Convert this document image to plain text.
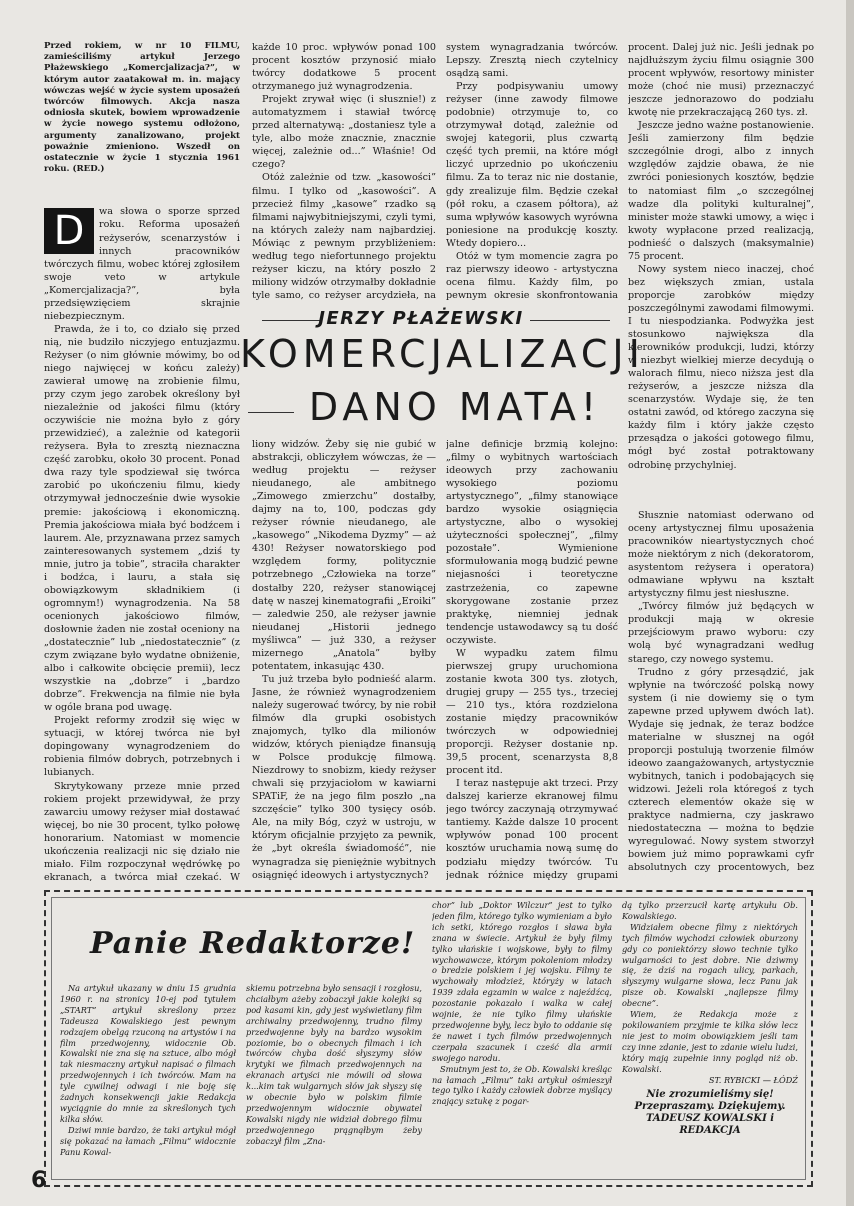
Przed rokiem, w nr 10 FILMU, zamieściliśmy artykuł Jerzego Płażewskiego „Komercjalizacja?”, w którym autor zaatakował m. in. mający wówczas wejść w życie system uposażeń twórców filmowych. Akcja nasza odniosła skutek, bowiem wprowadzenie w życie nowego systemu odłożono, argumenty zanalizowano, projekt poważnie zmieniono. Wszedł on ostatecznie w życie 1 stycznia 1961 roku. (RED.)

D	wa słowa o sporze sprzed roku. Reforma uposażeń reżyserów, scenarzystów i innych pracowników twórczych filmu, wobec której zgłosiłem swoje veto w artykule „Komercjalizacja?”, była przedsięwzięciem skrajnie niebezpiecznym.

Prawda, że i to, co działo się przed nią, nie budziło niczyjego entuzjazmu. Reżyser (o nim głównie mówimy, bo od niego najwięcej w końcu zależy) zawierał umowę na zrobienie filmu, przy czym jego zarobek określony był niezależnie od jakości filmu (który oczywiście nie można było z góry przewidzieć), a zależnie od kategorii reżysera. Była to zresztą nieznaczna część zarobku, około 30 procent. Ponad dwa razy tyle spodziewał się twórca zarobić po ukończeniu filmu, kiedy otrzymywał jednocześnie dwie wysokie premie: jakościową i ekonomiczną. Premia jakościowa miała być bodźcem i laurem. Ale, przyznawana przez samych zainteresowanych systemem „dziś ty mnie, jutro ja tobie”, straciła charakter i bodźca, i lauru, a stała się obowiązkowym składnikiem (i ogromnym!) wynagrodzenia. Na 58 ocenionych jakościowo filmów, dosłownie żaden nie został oceniony na „dostatecznie” lub „niedostatecznie” (z czym związane było wydatne obniżenie, albo i całkowite obcięcie premii), lecz wszystkie na „dobrze” i „bardzo dobrze”. Frekwencja na filmie nie była w ogóle brana pod uwagę.

Projekt reformy zrodził się więc w sytuacji, w której twórca nie był dopingowany wynagrodzeniem do robienia filmów dobrych, potrzebnych i lubianych.

Skrytykowany przeze mnie przed rokiem projekt przewidywał, że przy zawarciu umowy reżyser miał dostawać więcej, bo nie 30 procent, tylko połowę honorarium. Natomiast w momencie ukończenia realizacji nic się działo nie miało. Film rozpoczynał wędrówkę po ekranach, a twórca miał czekać. W

każde 10 proc. wpływów ponad 100 procent kosztów przynosić miało twórcy dodatkowe 5 procent otrzymanego już wynagrodzenia.

Projekt zrywał więc (i słusznie!) z automatyzmem i stawiał twórcę przed alternatywą: „dostaniesz tyle a tyle, albo może znacznie, znacznie więcej, zależnie od...” Właśnie! Od czego?

Otóż zależnie od tzw. „kasowości” filmu. I tylko od „kasowości”. A przecież filmy „kasowe” rzadko są filmami najwybitniejszymi, czyli tymi, na których zależy nam najbardziej. Mówiąc z pewnym przybliżeniem: według tego niefortunnego projektu reżyser kiczu, na który poszło 2 miliony widzów otrzymałby dokładnie tyle samo, co reżyser arcydzieła, na

system wynagradzania twórców. Lepszy. Zresztą niech czytelnicy osądzą sami.

Przy podpisywaniu umowy reżyser (inne zawody filmowe podobnie) otrzymuje to, co otrzymywał dotąd, zależnie od swojej kategorii, plus czwartą część tych premii, na które mógł liczyć uprzednio po ukończeniu filmu. Za to teraz nic nie dostanie, gdy zrealizuje film. Będzie czekał (pół roku, a czasem półtora), aż suma wpływów kasowych wyrówna poniesione na produkcję koszty. Wtedy dopiero...

Otóż w tym momencie zagra po raz pierwszy ideowo - artystyczna ocena filmu. Każdy film, po pewnym okresie skonfrontowania

procent. Dalej już nic. Jeśli jednak po najdłuższym życiu filmu osiągnie 300 procent wpływów, resortowy minister może (choć nie musi) przeznaczyć jeszcze jednorazowo do podziału kwotę nie przekraczającą 260 tys. zł.

Jeszcze jedno ważne postanowienie. Jeśli zamierzony film będzie szczególnie drogi, albo z innych względów zajdzie obawa, że nie zwróci poniesionych kosztów, będzie to natomiast film „o szczególnej wadze dla polityki kulturalnej”, minister może stawki umowy, a więc i kwoty wypłacone przed realizacją, podnieść o dalszych (maksymalnie) 75 procent.

Nowy system nieco inaczej, choć bez większych zmian, ustala proporcje zarobków między poszczególnymi zawodami filmowymi. I tu niespodzianka. Podwyżka jest stosunkowo największa dla kierowników produkcji, ludzi, którzy w niezbyt wielkiej mierze decydują o walorach filmu, nieco niższa jest dla reżyserów, a jeszcze niższa dla scenarzystów. Wydaje się, że ten ostatni zawód, od którego zaczyna się każdy film i który jakże często przesądza o jakości gotowego filmu, mógł być został potraktowany odrobinę przychylniej.

JERZY PŁAŻEWSKI
KOMERCJALIZACJI
DANO MATA!

liony widzów. Żeby się nie gubić w abstrakcji, obliczyłem wówczas, że — według projektu — reżyser nieudanego, ale ambitnego „Zimowego zmierzchu” dostałby, dajmy na to, 100, podczas gdy reżyser równie nieudanego, ale „kasowego” „Nikodema Dyzmy” — aż 430! Reżyser nowatorskiego pod względem formy, politycznie potrzebnego „Człowieka na torze” dostałby 220, reżyser stanowiącej datę w naszej kinematografii „Eroiki” — zaledwie 250, ale reżyser jawnie nieudanej „Historii jednego myśliwca” — już 330, a reżyser mizernego „Anatola” byłby potentatem, inkasując 430.

Tu już trzeba było podnieść alarm. Jasne, że również wynagrodzeniem należy sugerować twórcy, by nie robił filmów dla grupki osobistych znajomych, tylko dla milionów widzów, których pieniądze finansują w Polsce produkcję filmową. Niezdrowy to snobizm, kiedy reżyser chwali się przyjaciołom w kawiarni SPATiF, że na jego film poszło „na szczęście” tylko 300 tysięcy osób. Ale, na miły Bóg, czyż w ustroju, w którym oficjalnie przyjęto za pewnik, że „byt określa świadomość”, nie wynagradza się pieniężnie wybitnych osiągnięć ideowych i artystycznych?

jalne definicje brzmią kolejno: „filmy o wybitnych wartościach ideowych przy zachowaniu wysokiego poziomu artystycznego”, „filmy stanowiące bardzo wysokie osiągnięcia artystyczne, albo o wysokiej użyteczności społecznej”, „filmy pozostałe”. Wymienione sformułowania mogą budzić pewne niejasności i teoretyczne zastrzeżenia, co zapewne skorygowane zostanie przez praktykę, niemniej jednak tendencje ustawodawcy są tu dość oczywiste.

W wypadku zatem filmu pierwszej grupy uruchomiona zostanie kwota 300 tys. złotych, drugiej grupy — 255 tys., trzeciej — 210 tys., która rozdzielona zostanie między pracowników twórczych w odpowiedniej proporcji. Reżyser dostanie np. 39,5 procent, scenarzysta 8,8 procent itd.

I teraz następuje akt trzeci. Przy dalszej karierze ekranowej filmu jego twórcy zaczynają otrzymywać tantiemy. Każde dalsze 10 procent wpływów ponad 100 procent kosztów uruchamia nową sumę do podziału między twórców. Tu jednak różnice między grupami

Słusznie natomiast oderwano od oceny artystycznej filmu uposażenia pracowników nieartystycznych choć może niektórym z nich (dekoratorom, asystentom reżysera i operatora) odmawiane wpływu na kształt artystyczny filmu jest niesłuszne.

„Twórcy filmów już będących w produkcji mają w okresie przejściowym prawo wyboru: czy wolą być wynagradzani według starego, czy nowego systemu.

Trudno z góry przesądzić, jak wpłynie na twórczość polską nowy system (i nie dowiemy się o tym zapewne przed upływem dwóch lat). Wydaje się jednak, że teraz bodźce materialne w słusznej na ogół proporcji postulują tworzenie filmów ideowo zaangażowanych, artystycznie wybitnych, tanich i podobających się widzowi. Jeżeli rola któregoś z tych czterech elementów okaże się w praktyce nadmierna, czy jaskrawo niedostateczna — można to będzie wyregulować. Nowy system stworzył bowiem już mimo poprawkami cyfr absolutnych czy procentowych, bez

Panie Redaktorze!

Na artykuł ukazany w dniu 15 grudnia 1960 r. na stronicy 10-ej pod tytułem „START” artykuł skreślony przez Tadeusza Kowalskiego jest pewnym rodzajem obelgą rzuconą na artystów i na film przedwojenny, widocznie Ob. Kowalski nie zna się na sztuce, albo mógł tak niesmaczny artykuł napisać o filmach przedwojennych i ich twórców. Mam na tyle cywilnej odwagi i nie boję się żadnych konsekwencji jakie Redakcja wyciągnie do mnie za skreślonych tych kilka słów.

Dziwi mnie bardzo, że taki artykuł mógł się pokazać na łamach „Filmu” widocznie Panu Kowal-

skiemu potrzebna było sensacji i rozgłosu, chciałbym ażeby zobaczył jakie kolejki są pod kasami kin, gdy jest wyświetlany film archiwalny przedwojenny, trudno filmy przedwojenne były na bardzo wysokim poziomie, bo o obecnych filmach i ich twórców chyba dość słyszymy słów krytyki we filmach przedwojennych na ekranach artyści nie mówili od słowa k...kim tak wulgarnych słów jak słyszy się w obecnie było w polskim filmie przedwojennym widocznie obywatel Kowalski nigdy nie widział dobrego filmu przedwojennego prągnąłbym żeby zobaczył film „Zna-

chor” lub „Doktor Wilczur” jest to tylko jeden film, którego tylko wymieniam a było ich setki, którego rozgłos i sława była znana w świecie. Artykuł że były filmy tylko ułańskie i wojskowe, były to filmy wychowawcze, którym pokoleniom młodzy o bredzie polskiem i jej wojsku. Filmy te wychowały młodzież, któryży w latach 1939 zdała egzamin w walce z najeźdźcą, pozostanie pokazało i walka w całej wojnie, że nie tylko filmy ułańskie przedwojenne były, lecz było to oddanie się że nawet i tych filmów przedwojennych czerpała szacunek i cześć dla armii swojego narodu.

Smutnym jest to, że Ob. Kowalski kreśląc na łamach „Filmu” taki artykuł ośmieszył tego tylko i każdy człowiek dobrze myślący znający sztukę z pogar-

dą tylko przerzucił kartę artykułu Ob. Kowalskiego.

Widziałem obecne filmy z niektórych tych filmów wychodzi człowiek oburzony gdy co poniektórzy słowo technie tylko wulgarności to jest dobre. Nie dziwmy się, że dziś na rogach ulicy, parkach, słyszymy wulgarne słowa, lecz Panu jak pisze ob. Kowalski „najlepsze filmy obecne”.

Wiem, że Redakcja może z pokilowaniem przyjmie te kilka słów lecz nie jest to moim obowiązkiem jeśli tam czy inne zdanie, jest to zdanie wielu ludzi, który mają zupełnie inny pogląd niż ob. Kowalski.

ST. RYBICKI — ŁÓDŹ

Nie zrozumieliśmy się! Przepraszamy. Dziękujemy.

TADEUSZ KOWALSKI i REDAKCJA

6
